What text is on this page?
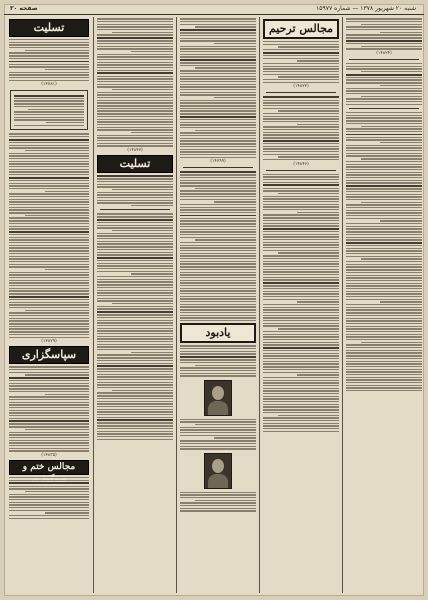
صفحه ۳۰	شنبه ۲۰ شهریور ۱۳۷۸ — شماره ۱۵۹۷۷
(۱۴۸۲۴)
مجالس ترحیم
(۱۴۸۲۲)
(۱۴۸۴۶)
(۱۴۷۹۹)
یادبود
(۱۴۸۴۷)
تسلیت
تسلیت
(۱۴۷۸۱)
(۱۴۸۲۹)
سپاسگزاری
(۱۴۸۳۵)
مجالس ختم و
